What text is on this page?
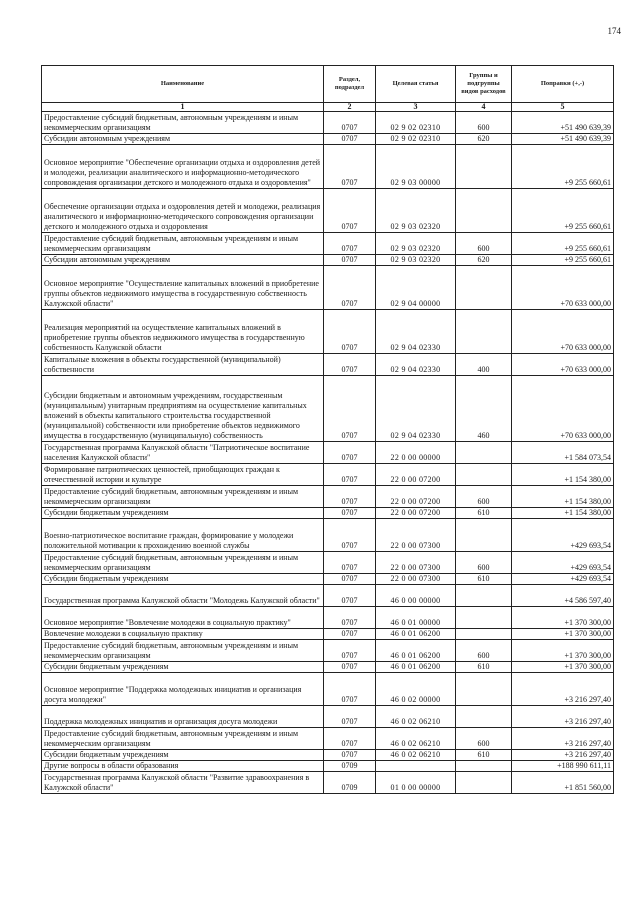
174
Наименование	Раздел, подраздел	Целевая статья	Группы и подгруппы видов расходов	Поправки (+,-)
1	2	3	4	5
Предоставление субсидий бюджетным, автономным учреждениям и иным некоммерческим организациям	0707	02 9 02 02310	600	+51 490 639,39
Субсидии автономным учреждениям	0707	02 9 02 02310	620	+51 490 639,39
Основное мероприятие "Обеспечение организации отдыха и оздоровления детей и молодежи, реализации аналитического и информационно-методического сопровождения организации детского и молодежного отдыха и оздоровления"	0707	02 9 03 00000		+9 255 660,61
Обеспечение организации отдыха и оздоровления детей и молодежи, реализация аналитического и информационно-методического сопровождения организации детского и молодежного отдыха и оздоровления	0707	02 9 03 02320		+9 255 660,61
Предоставление субсидий бюджетным, автономным учреждениям и иным некоммерческим организациям	0707	02 9 03 02320	600	+9 255 660,61
Субсидии автономным учреждениям	0707	02 9 03 02320	620	+9 255 660,61
Основное мероприятие "Осуществление капитальных вложений в приобретение группы объектов недвижимого имущества в государственную собственность Калужской области"	0707	02 9 04 00000		+70 633 000,00
Реализация мероприятий на осуществление капитальных вложений в приобретение группы объектов недвижимого имущества в государственную собственность Калужской области	0707	02 9 04 02330		+70 633 000,00
Капитальные вложения в объекты государственной (муниципальной) собственности	0707	02 9 04 02330	400	+70 633 000,00
Субсидии бюджетным и автономным учреждениям, государственным (муниципальным) унитарным предприятиям на осуществление капитальных вложений в объекты капитального строительства государственной (муниципальной) собственности или приобретение объектов недвижимого имущества в государственную (муниципальную) собственность	0707	02 9 04 02330	460	+70 633 000,00
Государственная программа Калужской области "Патриотическое воспитание населения Калужской области"	0707	22 0 00 00000		+1 584 073,54
Формирование патриотических ценностей, приобщающих граждан к отечественной истории и культуре	0707	22 0 00 07200		+1 154 380,00
Предоставление субсидий бюджетным, автономным учреждениям и иным некоммерческим организациям	0707	22 0 00 07200	600	+1 154 380,00
Субсидии бюджетным учреждениям	0707	22 0 00 07200	610	+1 154 380,00
Военно-патриотическое воспитание граждан, формирование у молодежи положительной мотивации к прохождению военной службы	0707	22 0 00 07300		+429 693,54
Предоставление субсидий бюджетным, автономным учреждениям и иным некоммерческим организациям	0707	22 0 00 07300	600	+429 693,54
Субсидии бюджетным учреждениям	0707	22 0 00 07300	610	+429 693,54
Государственная программа Калужской области "Молодежь Калужской области"	0707	46 0 00 00000		+4 586 597,40
Основное мероприятие "Вовлечение молодежи в социальную практику"	0707	46 0 01 00000		+1 370 300,00
Вовлечение молодежи в социальную практику	0707	46 0 01 06200		+1 370 300,00
Предоставление субсидий бюджетным, автономным учреждениям и иным некоммерческим организациям	0707	46 0 01 06200	600	+1 370 300,00
Субсидии бюджетным учреждениям	0707	46 0 01 06200	610	+1 370 300,00
Основное мероприятие "Поддержка молодежных инициатив и организация досуга молодежи"	0707	46 0 02 00000		+3 216 297,40
Поддержка молодежных инициатив и организация досуга молодежи	0707	46 0 02 06210		+3 216 297,40
Предоставление субсидий бюджетным, автономным учреждениям и иным некоммерческим организациям	0707	46 0 02 06210	600	+3 216 297,40
Субсидии бюджетным учреждениям	0707	46 0 02 06210	610	+3 216 297,40
Другие вопросы в области образования	0709			+188 990 611,11
Государственная программа Калужской области "Развитие здравоохранения в Калужской области"	0709	01 0 00 00000		+1 851 560,00
